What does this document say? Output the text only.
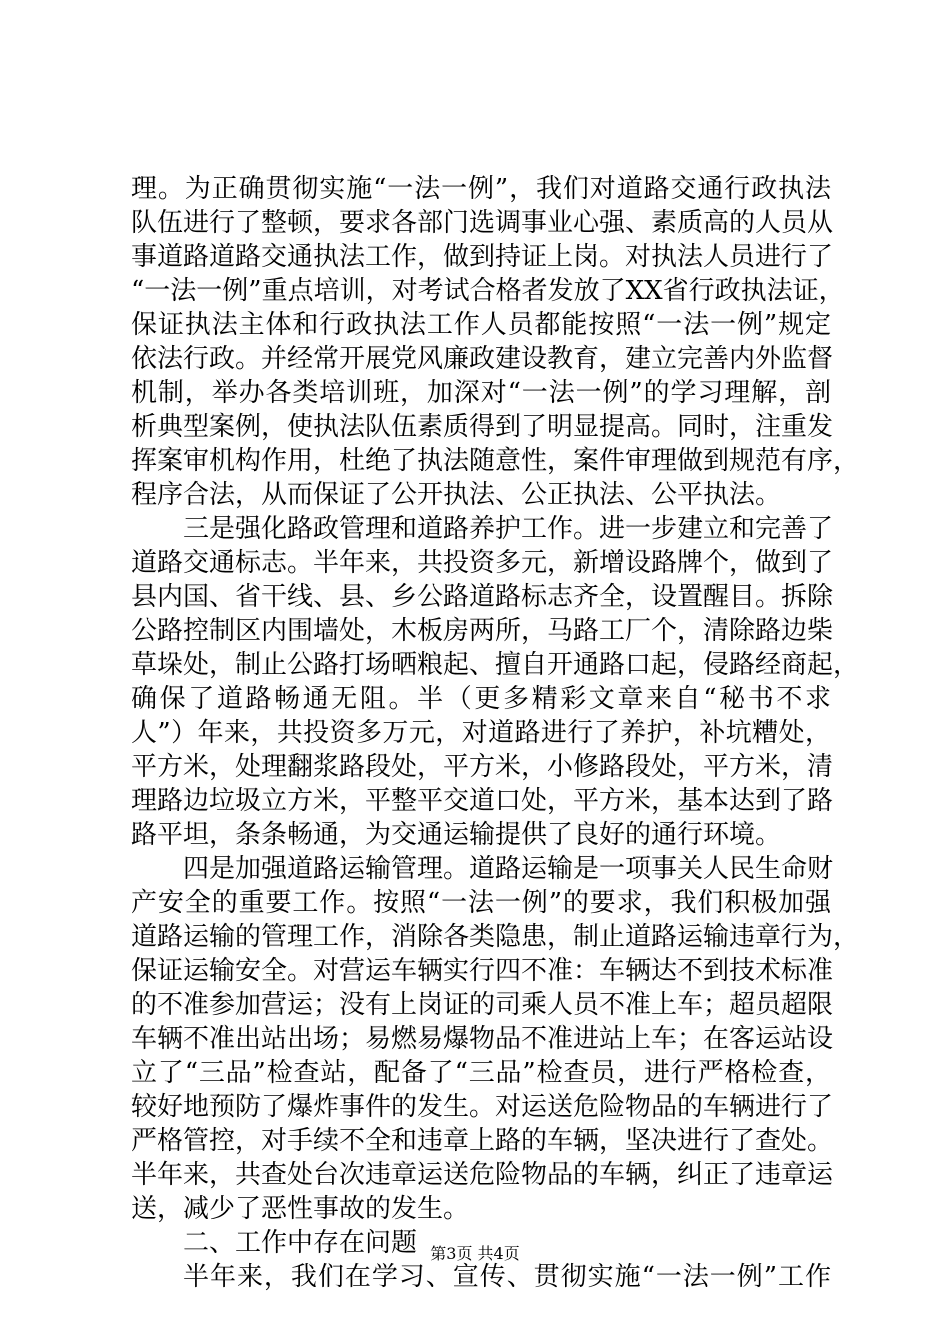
理。为正确贯彻实施“一法一例”，我们对道路交通行政执法
队伍进行了整顿，要求各部门选调事业心强、素质高的人员从
事道路道路交通执法工作，做到持证上岗。对执法人员进行了
“一法一例”重点培训，对考试合格者发放了XX省行政执法证，
保证执法主体和行政执法工作人员都能按照“一法一例”规定
依法行政。并经常开展党风廉政建设教育，建立完善内外监督
机制，举办各类培训班，加深对“一法一例”的学习理解，剖
析典型案例，使执法队伍素质得到了明显提高。同时，注重发
挥案审机构作用，杜绝了执法随意性，案件审理做到规范有序，
程序合法，从而保证了公开执法、公正执法、公平执法。
三是强化路政管理和道路养护工作。进一步建立和完善了
道路交通标志。半年来，共投资多元，新增设路牌个，做到了
县内国、省干线、县、乡公路道路标志齐全，设置醒目。拆除
公路控制区内围墙处，木板房两所，马路工厂个，清除路边柴
草垛处，制止公路打场晒粮起、擅自开通路口起，侵路经商起，
确保了道路畅通无阻。半（更多精彩文章来自“秘书不求
人”）年来，共投资多万元，对道路进行了养护，补坑糟处，
平方米，处理翻浆路段处，平方米，小修路段处，平方米，清
理路边垃圾立方米，平整平交道口处，平方米，基本达到了路
路平坦，条条畅通，为交通运输提供了良好的通行环境。
四是加强道路运输管理。道路运输是一项事关人民生命财
产安全的重要工作。按照“一法一例”的要求，我们积极加强
道路运输的管理工作，消除各类隐患，制止道路运输违章行为，
保证运输安全。对营运车辆实行四不准：车辆达不到技术标准
的不准参加营运；没有上岗证的司乘人员不准上车；超员超限
车辆不准出站出场；易燃易爆物品不准进站上车；在客运站设
立了“三品”检查站，配备了“三品”检查员，进行严格检查，
较好地预防了爆炸事件的发生。对运送危险物品的车辆进行了
严格管控，对手续不全和违章上路的车辆，坚决进行了查处。
半年来，共查处台次违章运送危险物品的车辆，纠正了违章运
送，减少了恶性事故的发生。
二、工作中存在问题
半年来，我们在学习、宣传、贯彻实施“一法一例”工作
第3页 共4页
